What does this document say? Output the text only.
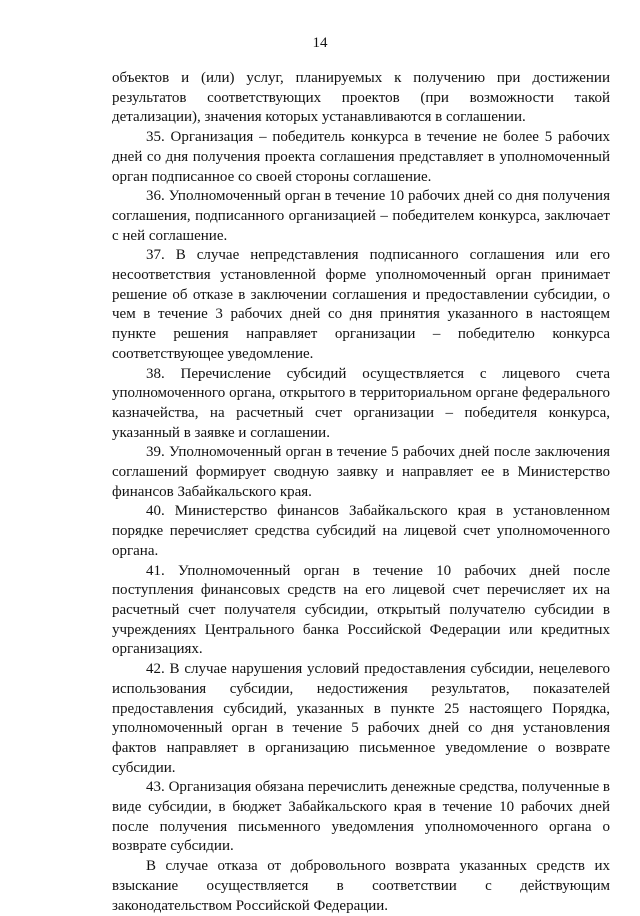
14

объектов и (или) услуг, планируемых к получению при достижении результатов соответствующих проектов (при возможности такой детализации), значения которых устанавливаются в соглашении.

35. Организация – победитель конкурса в течение не более 5 рабочих дней со дня получения проекта соглашения представляет в уполномоченный орган подписанное со своей стороны соглашение.

36. Уполномоченный орган в течение 10 рабочих дней со дня получения соглашения, подписанного организацией – победителем конкурса, заключает с ней соглашение.

37. В случае непредставления подписанного соглашения или его несоответствия установленной форме уполномоченный орган принимает решение об отказе в заключении соглашения и предоставлении субсидии, о чем в течение 3 рабочих дней со дня принятия указанного в настоящем пункте решения направляет организации – победителю конкурса соответствующее уведомление.

38. Перечисление субсидий осуществляется с лицевого счета уполномоченного органа, открытого в территориальном органе федерального казначейства, на расчетный счет организации – победителя конкурса, указанный в заявке и соглашении.

39. Уполномоченный орган в течение 5 рабочих дней после заключения соглашений формирует сводную заявку и направляет ее в Министерство финансов Забайкальского края.

40. Министерство финансов Забайкальского края в установленном порядке перечисляет средства субсидий на лицевой счет уполномоченного органа.

41. Уполномоченный орган в течение 10 рабочих дней после поступления финансовых средств на его лицевой счет перечисляет их на расчетный счет получателя субсидии, открытый получателю субсидии в учреждениях Центрального банка Российской Федерации или кредитных организациях.

42. В случае нарушения условий предоставления субсидии, нецелевого использования субсидии, недостижения результатов, показателей предоставления субсидий, указанных в пункте 25 настоящего Порядка, уполномоченный орган в течение 5 рабочих дней со дня установления фактов направляет в организацию письменное уведомление о возврате субсидии.

43. Организация обязана перечислить денежные средства, полученные в виде субсидии, в бюджет Забайкальского края в течение 10 рабочих дней после получения письменного уведомления уполномоченного органа о возврате субсидии.

В случае отказа от добровольного возврата указанных средств их взыскание осуществляется в соответствии с действующим законодательством Российской Федерации.
